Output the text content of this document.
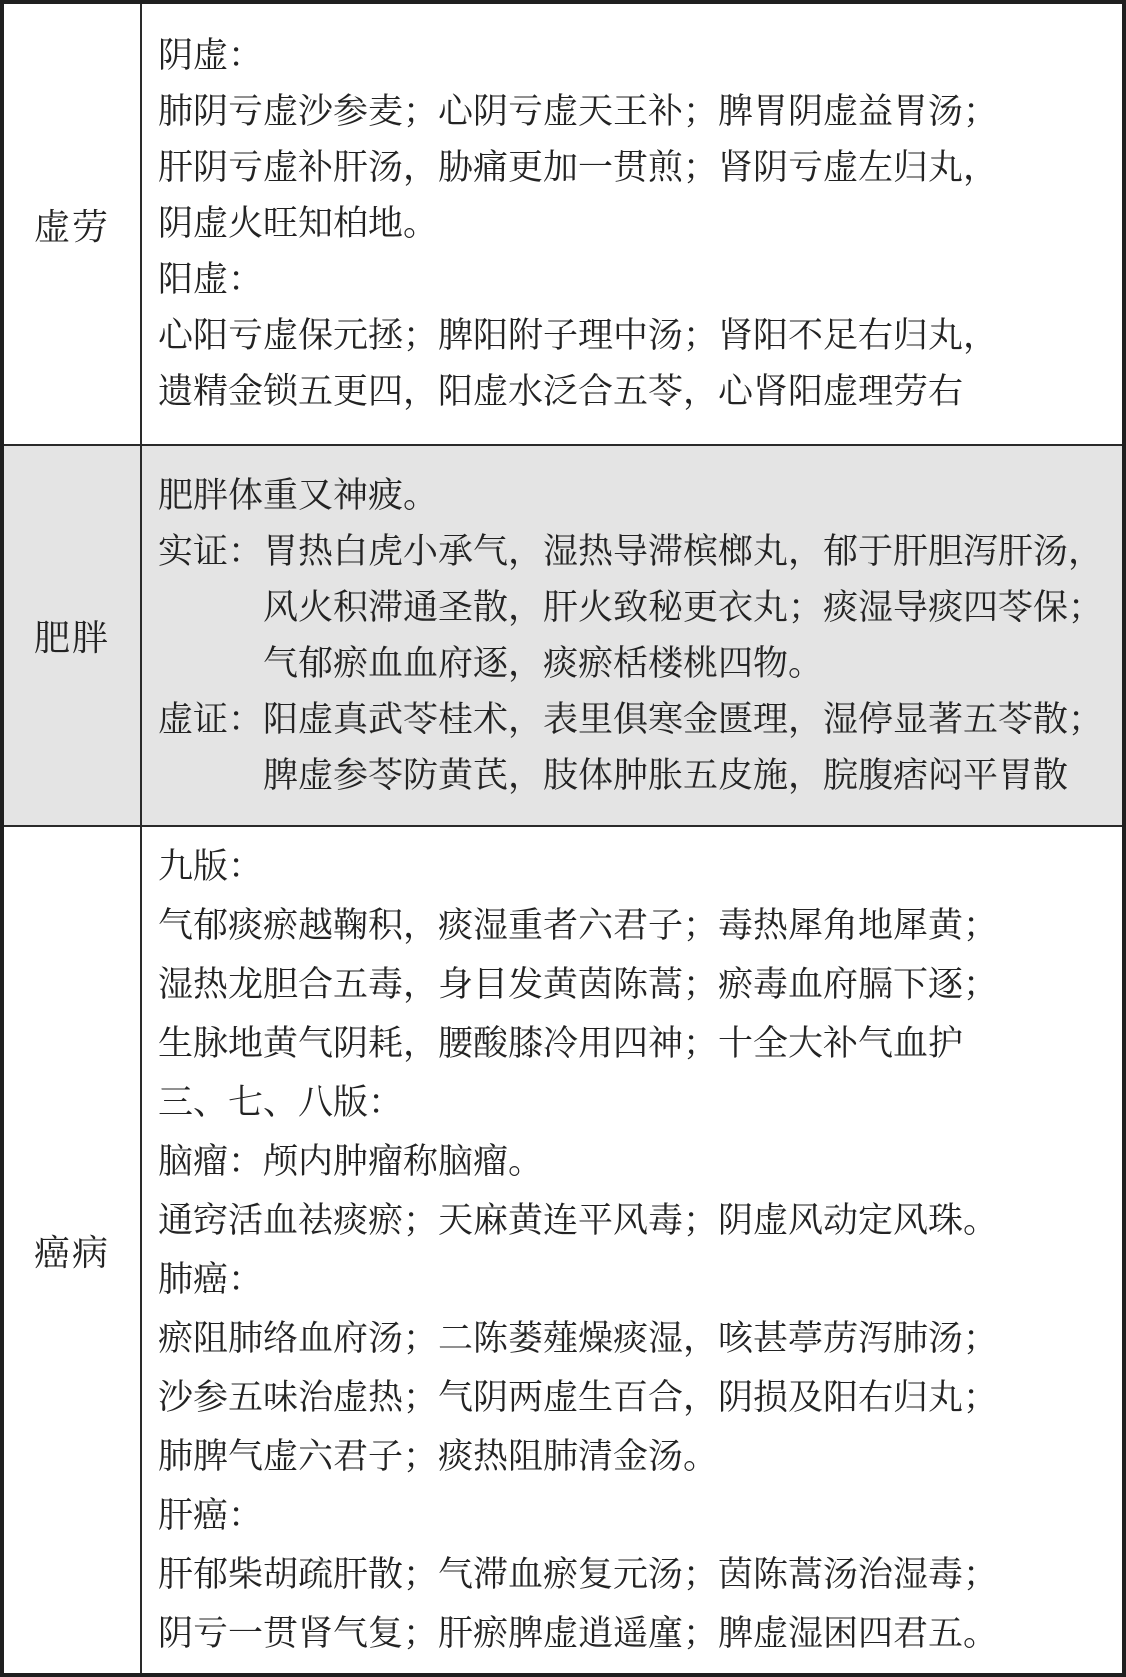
虚劳
阴虚：
肺阴亏虚沙参麦；心阴亏虚天王补；脾胃阴虚益胃汤；
肝阴亏虚补肝汤，胁痛更加一贯煎；肾阴亏虚左归丸，
阴虚火旺知柏地。
阳虚：
心阳亏虚保元拯；脾阳附子理中汤；肾阳不足右归丸，
遗精金锁五更四，阳虚水泛合五苓，心肾阳虚理劳右
肥胖
肥胖体重又神疲。
实证：胃热白虎小承气，湿热导滞槟榔丸，郁于肝胆泻肝汤，
风火积滞通圣散，肝火致秘更衣丸；痰湿导痰四苓保；
气郁瘀血血府逐，痰瘀栝楼桃四物。
虚证：阳虚真武苓桂术，表里俱寒金匮理，湿停显著五苓散；
脾虚参苓防黄芪，肢体肿胀五皮施，脘腹痞闷平胃散
癌病
九版：
气郁痰瘀越鞠积，痰湿重者六君子；毒热犀角地犀黄；
湿热龙胆合五毒，身目发黄茵陈蒿；瘀毒血府膈下逐；
生脉地黄气阴耗，腰酸膝冷用四神；十全大补气血护
三、七、八版：
脑瘤：颅内肿瘤称脑瘤。
通窍活血祛痰瘀；天麻黄连平风毒；阴虚风动定风珠。
肺癌：
瘀阻肺络血府汤；二陈蒌薤燥痰湿，咳甚葶苈泻肺汤；
沙参五味治虚热；气阴两虚生百合，阴损及阳右归丸；
肺脾气虚六君子；痰热阻肺清金汤。
肝癌：
肝郁柴胡疏肝散；气滞血瘀复元汤；茵陈蒿汤治湿毒；
阴亏一贯肾气复；肝瘀脾虚逍遥廑；脾虚湿困四君五。
